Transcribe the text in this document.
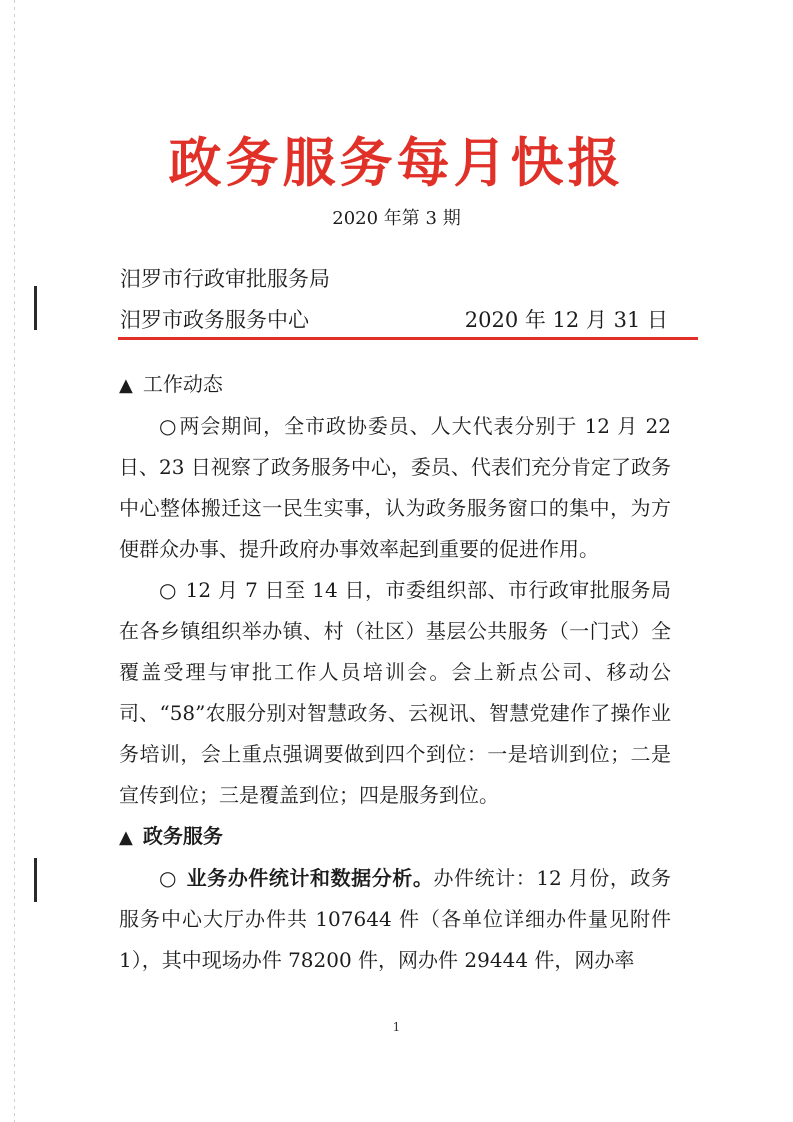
政务服务每月快报
2020 年第 3 期
汨罗市行政审批服务局
汨罗市政务服务中心	2020 年 12 月 31 日
▲ 工作动态

○ 两会期间，全市政协委员、人大代表分别于 12 月 22 日、23 日视察了政务服务中心，委员、代表们充分肯定了政务中心整体搬迁这一民生实事，认为政务服务窗口的集中，为方便群众办事、提升政府办事效率起到重要的促进作用。

○ 12 月 7 日至 14 日，市委组织部、市行政审批服务局在各乡镇组织举办镇、村（社区）基层公共服务（一门式）全覆盖受理与审批工作人员培训会。会上新点公司、移动公司、“58”农服分别对智慧政务、云视讯、智慧党建作了操作业务培训，会上重点强调要做到四个到位：一是培训到位；二是宣传到位；三是覆盖到位；四是服务到位。

▲ 政务服务

○ 业务办件统计和数据分析。办件统计：12 月份，政务服务中心大厅办件共 107644 件（各单位详细办件量见附件 1），其中现场办件 78200 件，网办件 29444 件，网办率

1
